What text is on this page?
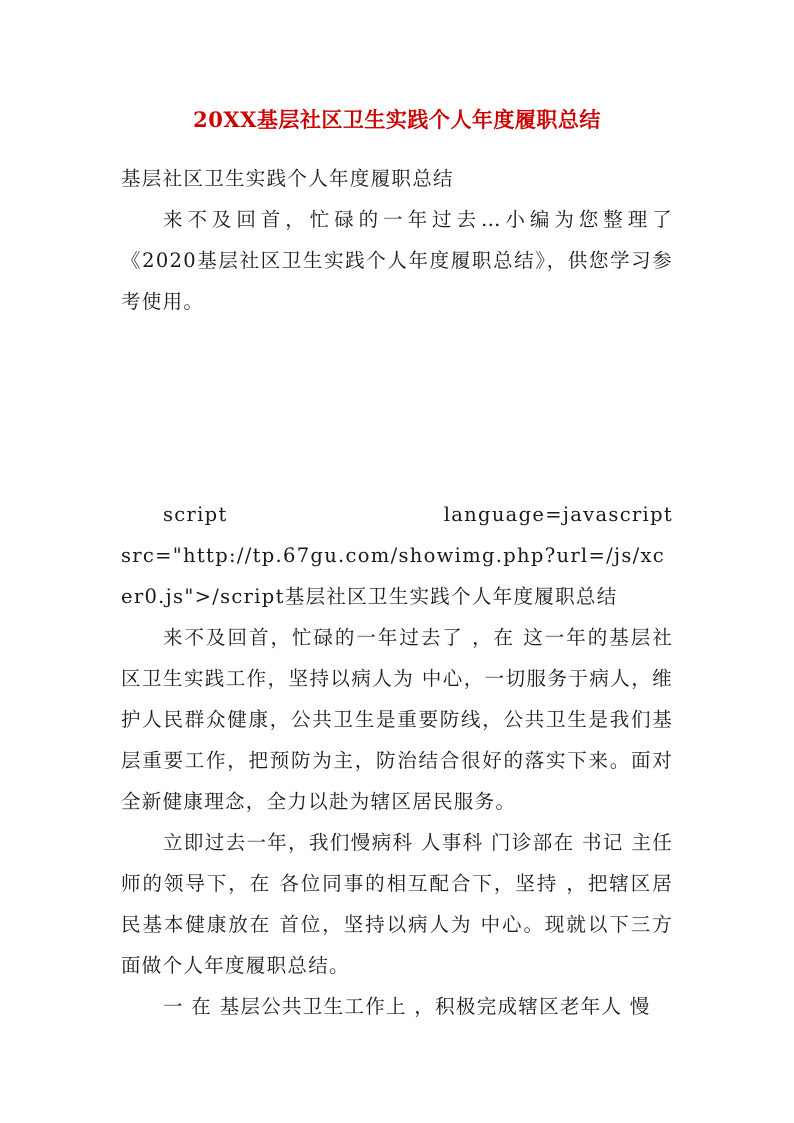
20XX基层社区卫生实践个人年度履职总结

基层社区卫生实践个人年度履职总结

来不及回首，忙碌的一年过去…小编为您整理了《2020基层社区卫生实践个人年度履职总结》，供您学习参考使用。

script	language=javascript

src="http://tp.67gu.com/showimg.php?url=/js/xcer0.js">/script基层社区卫生实践个人年度履职总结

来不及回首，忙碌的一年过去了 ，在 这一年的基层社区卫生实践工作，坚持以病人为 中心，一切服务于病人，维护人民群众健康，公共卫生是重要防线，公共卫生是我们基层重要工作，把预防为主，防治结合很好的落实下来。面对全新健康理念，全力以赴为辖区居民服务。

立即过去一年，我们慢病科 人事科 门诊部在 书记 主任师的领导下，在 各位同事的相互配合下，坚持 ，把辖区居民基本健康放在 首位，坚持以病人为 中心。现就以下三方面做个人年度履职总结。

一 在 基层公共卫生工作上 ，积极完成辖区老年人 慢
